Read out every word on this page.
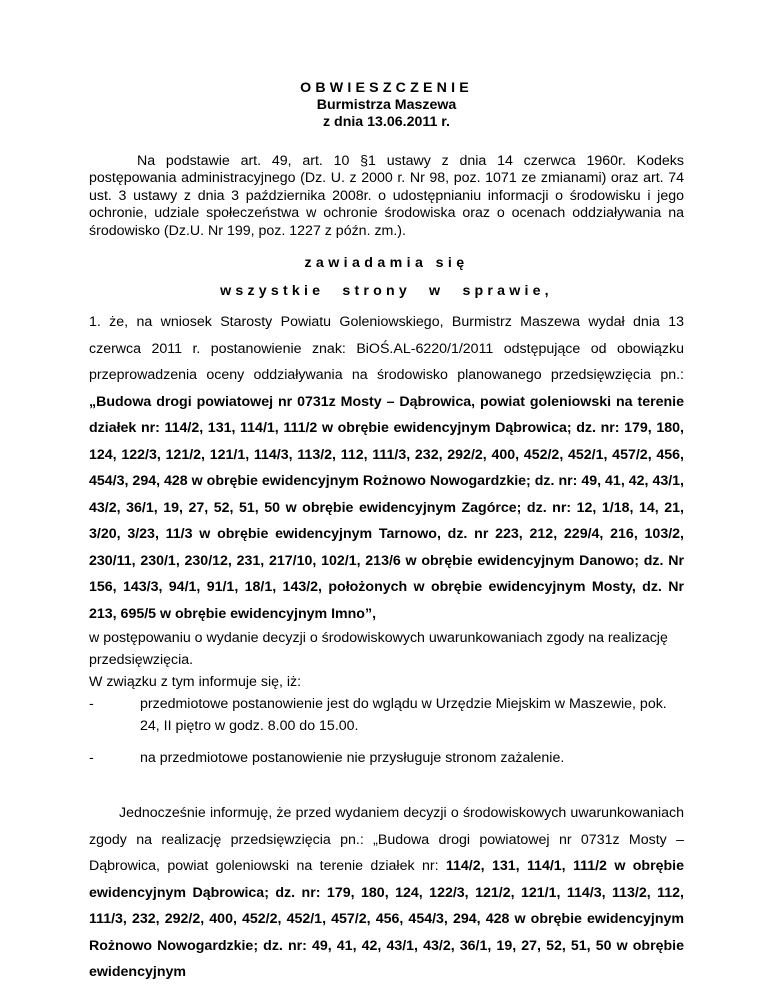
OBWIESZCZENIE
Burmistrza Maszewa
z dnia 13.06.2011 r.
Na podstawie art. 49, art. 10 §1 ustawy z dnia 14 czerwca 1960r. Kodeks postępowania administracyjnego (Dz. U. z 2000 r. Nr 98, poz. 1071 ze zmianami) oraz art. 74 ust. 3 ustawy z dnia 3 października 2008r. o udostępnianiu informacji o środowisku i jego ochronie, udziale społeczeństwa w ochronie środowiska oraz o ocenach oddziaływania na środowisko (Dz.U. Nr 199, poz. 1227 z późn. zm.).
zawiadamia się
wszystkie strony w sprawie,
1. że, na wniosek Starosty Powiatu Goleniowskiego, Burmistrz Maszewa wydał dnia 13 czerwca 2011 r. postanowienie znak: BiOŚ.AL-6220/1/2011 odstępujące od obowiązku przeprowadzenia oceny oddziaływania na środowisko planowanego przedsięwzięcia pn.: „Budowa drogi powiatowej nr 0731z Mosty – Dąbrowica, powiat goleniowski na terenie działek nr: 114/2, 131, 114/1, 111/2 w obrębie ewidencyjnym Dąbrowica; dz. nr: 179, 180, 124, 122/3, 121/2, 121/1, 114/3, 113/2, 112, 111/3, 232, 292/2, 400, 452/2, 452/1, 457/2, 456, 454/3, 294, 428 w obrębie ewidencyjnym Rożnowo Nowogardzkie; dz. nr: 49, 41, 42, 43/1, 43/2, 36/1, 19, 27, 52, 51, 50 w obrębie ewidencyjnym Zagórce; dz. nr: 12, 1/18, 14, 21, 3/20, 3/23, 11/3 w obrębie ewidencyjnym Tarnowo, dz. nr 223, 212, 229/4, 216, 103/2, 230/11, 230/1, 230/12, 231, 217/10, 102/1, 213/6 w obrębie ewidencyjnym Danowo; dz. Nr 156, 143/3, 94/1, 91/1, 18/1, 143/2, położonych w obrębie ewidencyjnym Mosty, dz. Nr 213, 695/5 w obrębie ewidencyjnym Imno”,
w postępowaniu o wydanie decyzji o środowiskowych uwarunkowaniach zgody na realizację przedsięwzięcia.
W związku z tym informuje się, iż:
-	przedmiotowe postanowienie jest do wglądu w Urzędzie Miejskim w Maszewie, pok. 24, II piętro w godz. 8.00 do 15.00.
-	na przedmiotowe postanowienie nie przysługuje stronom zażalenie.
Jednocześnie informuję, że przed wydaniem decyzji o środowiskowych uwarunkowaniach zgody na realizację przedsięwzięcia pn.: „Budowa drogi powiatowej nr 0731z Mosty – Dąbrowica, powiat goleniowski na terenie działek nr: 114/2, 131, 114/1, 111/2 w obrębie ewidencyjnym Dąbrowica; dz. nr: 179, 180, 124, 122/3, 121/2, 121/1, 114/3, 113/2, 112, 111/3, 232, 292/2, 400, 452/2, 452/1, 457/2, 456, 454/3, 294, 428 w obrębie ewidencyjnym Rożnowo Nowogardzkie; dz. nr: 49, 41, 42, 43/1, 43/2, 36/1, 19, 27, 52, 51, 50 w obrębie ewidencyjnym
